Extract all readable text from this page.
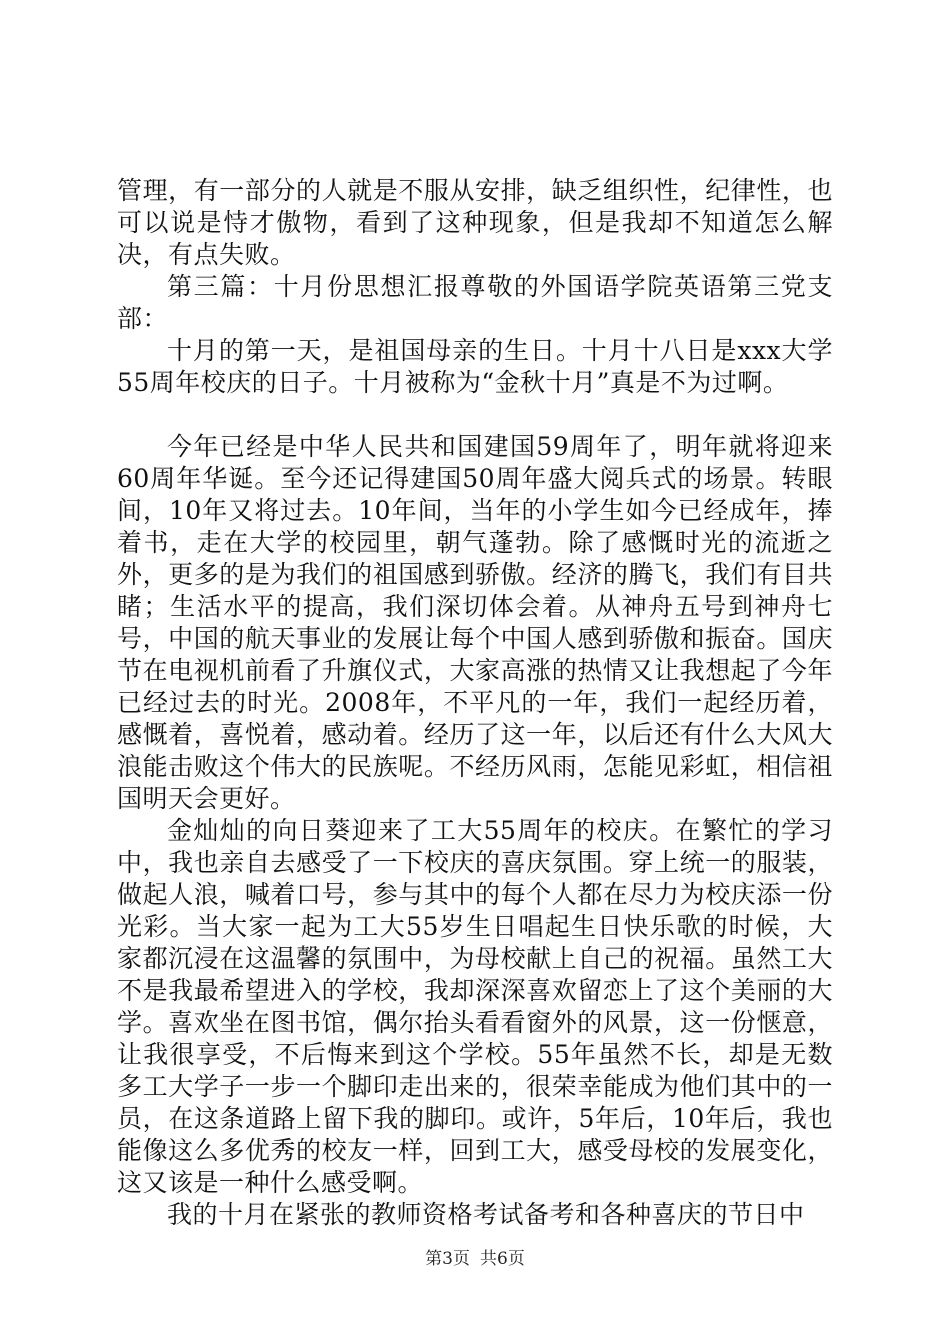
管理，有一部分的人就是不服从安排，缺乏组织性，纪律性，也可以说是恃才傲物，看到了这种现象，但是我却不知道怎么解决，有点失败。

第三篇：十月份思想汇报尊敬的外国语学院英语第三党支部：

十月的第一天，是祖国母亲的生日。十月十八日是xxx大学55周年校庆的日子。十月被称为“金秋十月”真是不为过啊。

今年已经是中华人民共和国建国59周年了，明年就将迎来60周年华诞。至今还记得建国50周年盛大阅兵式的场景。转眼间，10年又将过去。10年间，当年的小学生如今已经成年，捧着书，走在大学的校园里，朝气蓬勃。除了感慨时光的流逝之外，更多的是为我们的祖国感到骄傲。经济的腾飞，我们有目共睹；生活水平的提高，我们深切体会着。从神舟五号到神舟七号，中国的航天事业的发展让每个中国人感到骄傲和振奋。国庆节在电视机前看了升旗仪式，大家高涨的热情又让我想起了今年已经过去的时光。2008年，不平凡的一年，我们一起经历着，感慨着，喜悦着，感动着。经历了这一年，以后还有什么大风大浪能击败这个伟大的民族呢。不经历风雨，怎能见彩虹，相信祖国明天会更好。

金灿灿的向日葵迎来了工大55周年的校庆。在繁忙的学习中，我也亲自去感受了一下校庆的喜庆氛围。穿上统一的服装，做起人浪，喊着口号，参与其中的每个人都在尽力为校庆添一份光彩。当大家一起为工大55岁生日唱起生日快乐歌的时候，大家都沉浸在这温馨的氛围中，为母校献上自己的祝福。虽然工大不是我最希望进入的学校，我却深深喜欢留恋上了这个美丽的大学。喜欢坐在图书馆，偶尔抬头看看窗外的风景，这一份惬意，让我很享受，不后悔来到这个学校。55年虽然不长，却是无数多工大学子一步一个脚印走出来的，很荣幸能成为他们其中的一员，在这条道路上留下我的脚印。或许，5年后，10年后，我也能像这么多优秀的校友一样，回到工大，感受母校的发展变化，这又该是一种什么感受啊。

我的十月在紧张的教师资格考试备考和各种喜庆的节日中

第3页 共6页
